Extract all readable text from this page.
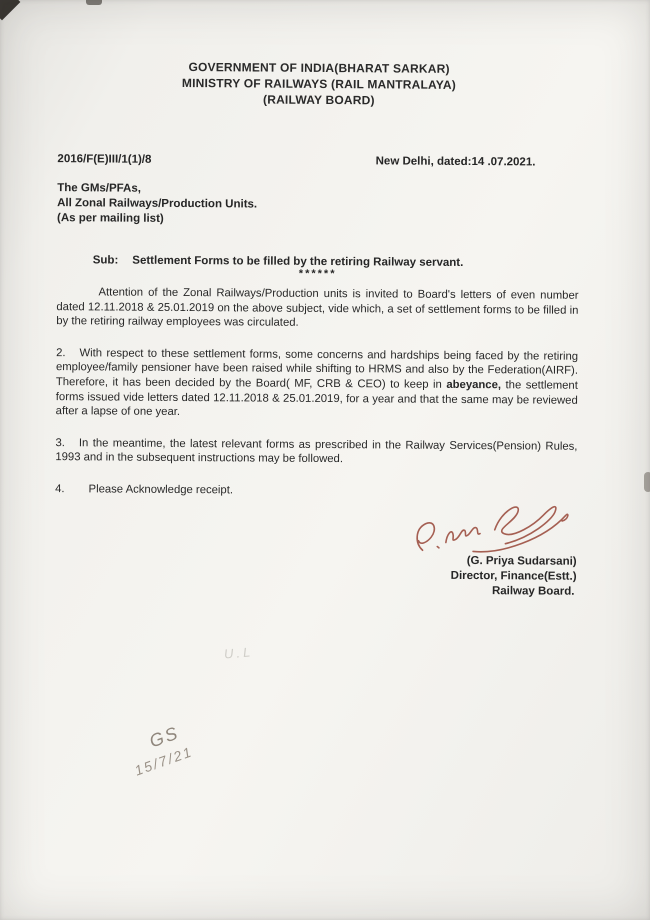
GOVERNMENT OF INDIA(BHARAT SARKAR)
MINISTRY OF RAILWAYS (RAIL MANTRALAYA)
(RAILWAY BOARD)
2016/F(E)III/1(1)/8	New Delhi, dated:14 .07.2021.
The GMs/PFAs,
All Zonal Railways/Production Units.
(As per mailing list)
Sub: Settlement Forms to be filled by the retiring Railway servant.
******

Attention of the Zonal Railways/Production units is invited to Board's letters of even number dated 12.11.2018 & 25.01.2019 on the above subject, vide which, a set of settlement forms to be filled in by the retiring railway employees was circulated.

2. With respect to these settlement forms, some concerns and hardships being faced by the retiring employee/family pensioner have been raised while shifting to HRMS and also by the Federation(AIRF). Therefore, it has been decided by the Board( MF, CRB & CEO) to keep in abeyance, the settlement forms issued vide letters dated 12.11.2018 & 25.01.2019, for a year and that the same may be reviewed after a lapse of one year.

3. In the meantime, the latest relevant forms as prescribed in the Railway Services(Pension) Rules, 1993 and in the subsequent instructions may be followed.

4. Please Acknowledge receipt.

(G. Priya Sudarsani)
Director, Finance(Estt.)
Railway Board.
U.L
GS
15/7/21
